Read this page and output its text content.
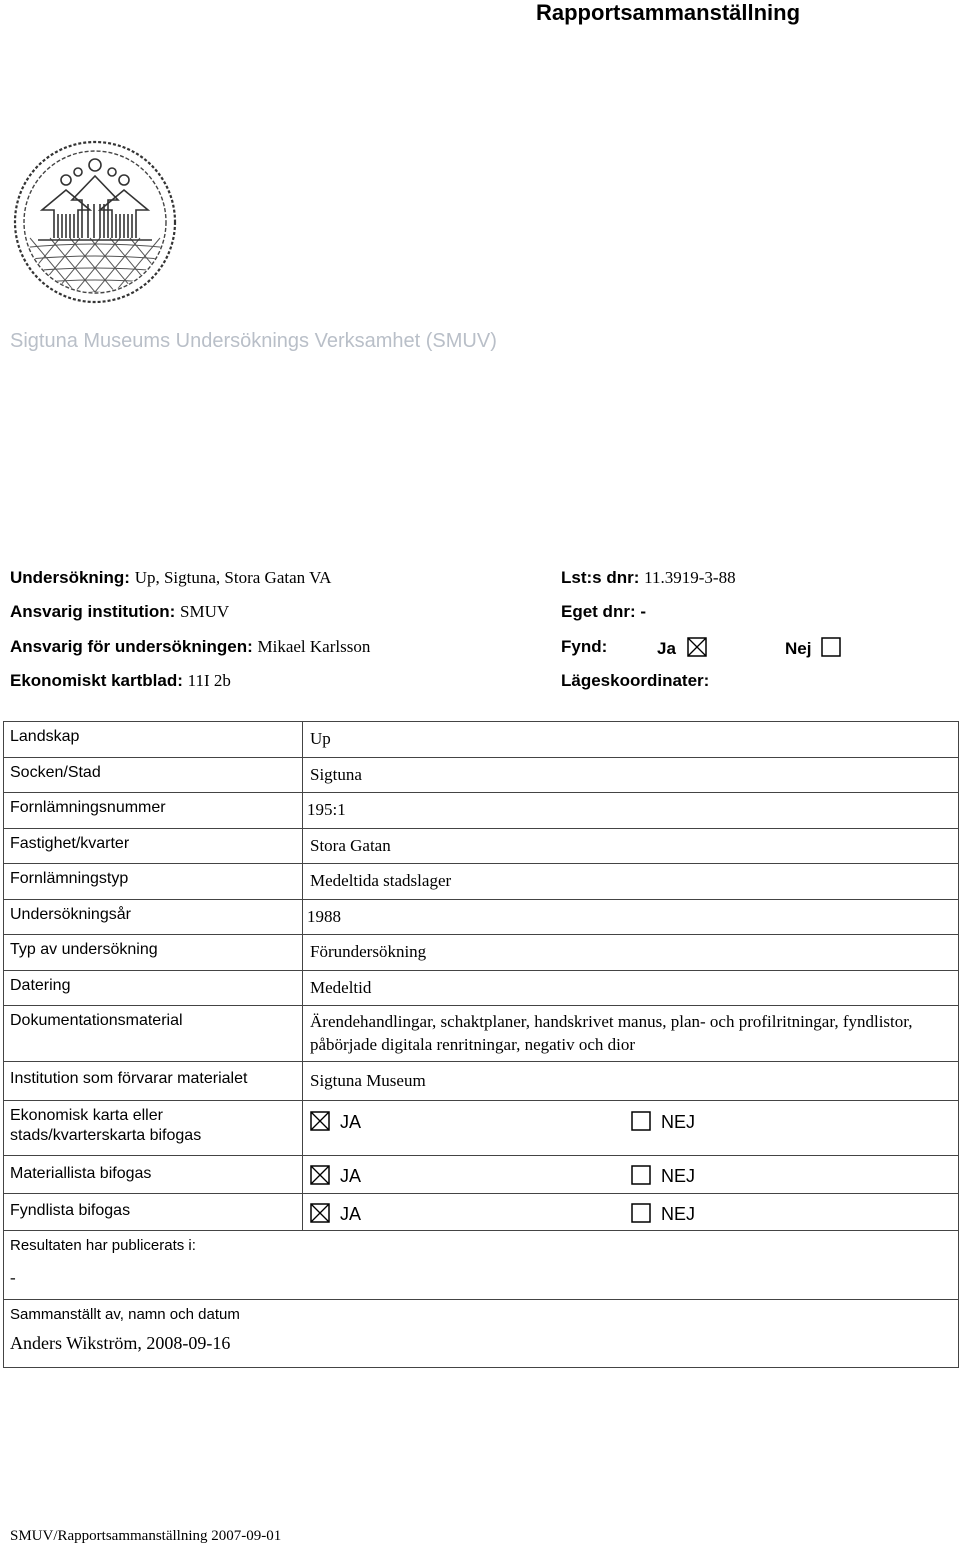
Rapportsammanställning
Sigtuna Museums Undersöknings Verksamhet (SMUV)
Undersökning: Up, Sigtuna, Stora Gatan VA
Ansvarig institution: SMUV
Ansvarig för undersökningen: Mikael Karlsson
Ekonomiskt kartblad: 11I 2b
Lst:s dnr: 11.3919-3-88
Eget dnr: -
Fynd:	Ja	Nej
Lägeskoordinater:
Landskap	Up
Socken/Stad	Sigtuna
Fornlämningsnummer	195:1
Fastighet/kvarter	Stora Gatan
Fornlämningstyp	Medeltida stadslager
Undersökningsår	1988
Typ av undersökning	Förundersökning
Datering	Medeltid
Dokumentationsmaterial	Ärendehandlingar, schaktplaner, handskrivet manus, plan- och profilritningar, fyndlistor, påbörjade digitala renritningar, negativ och dior
Institution som förvarar materialet	Sigtuna Museum
Ekonomisk karta eller stads/kvarterskarta bifogas	JA NEJ

Materiallista bifogas	JA NEJ

Fyndlista bifogas	JA NEJ

Resultaten har publicerats i:
-	

Sammanställt av, namn och datum
Anders Wikström, 2008-09-16	
SMUV/Rapportsammanställning 2007-09-01
